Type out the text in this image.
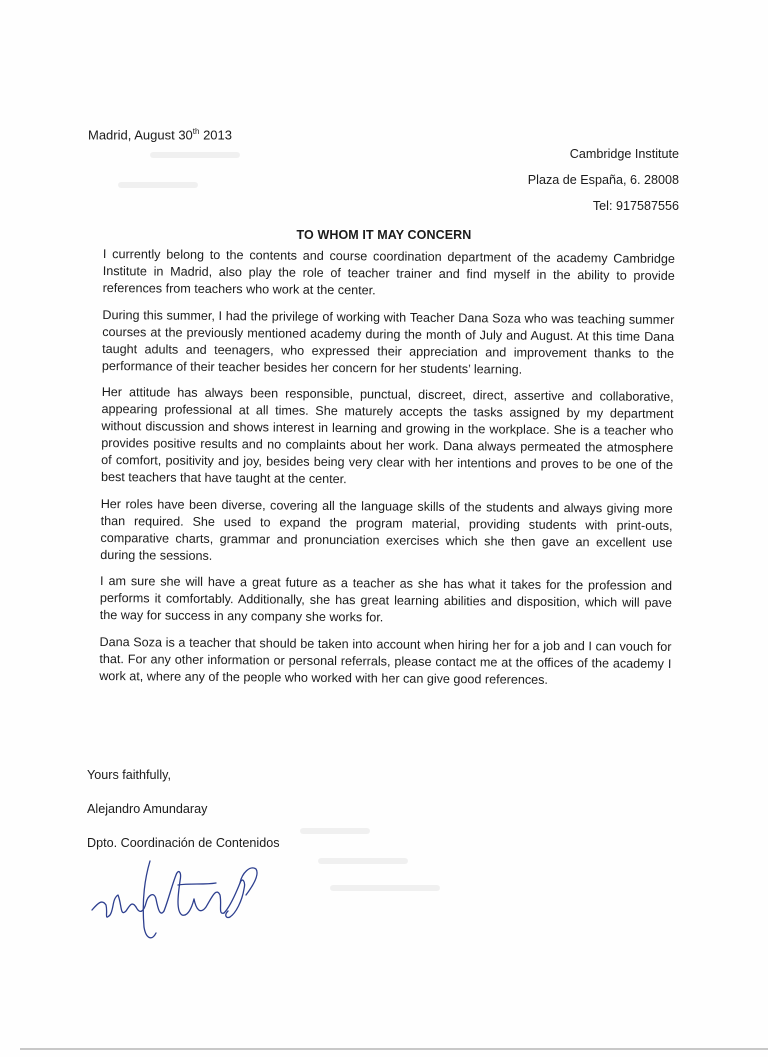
Madrid, August 30th 2013
Cambridge Institute
Plaza de España, 6. 28008
Tel: 917587556
TO WHOM IT MAY CONCERN

I currently belong to the contents and course coordination department of the academy Cambridge Institute in Madrid, also play the role of teacher trainer and find myself in the ability to provide references from teachers who work at the center.

During this summer, I had the privilege of working with Teacher Dana Soza who was teaching summer courses at the previously mentioned academy during the month of July and August. At this time Dana taught adults and teenagers, who expressed their appreciation and improvement thanks to the performance of their teacher besides her concern for her students’ learning.

Her attitude has always been responsible, punctual, discreet, direct, assertive and collaborative, appearing professional at all times. She maturely accepts the tasks assigned by my department without discussion and shows interest in learning and growing in the workplace. She is a teacher who provides positive results and no complaints about her work. Dana always permeated the atmosphere of comfort, positivity and joy, besides being very clear with her intentions and proves to be one of the best teachers that have taught at the center.

Her roles have been diverse, covering all the language skills of the students and always giving more than required. She used to expand the program material, providing students with print-outs, comparative charts, grammar and pronunciation exercises which she then gave an excellent use during the sessions.

I am sure she will have a great future as a teacher as she has what it takes for the profession and performs it comfortably. Additionally, she has great learning abilities and disposition, which will pave the way for success in any company she works for.

Dana Soza is a teacher that should be taken into account when hiring her for a job and I can vouch for that. For any other information or personal referrals, please contact me at the offices of the academy I work at, where any of the people who worked with her can give good references.

Yours faithfully,
Alejandro Amundaray
Dpto. Coordinación de Contenidos
